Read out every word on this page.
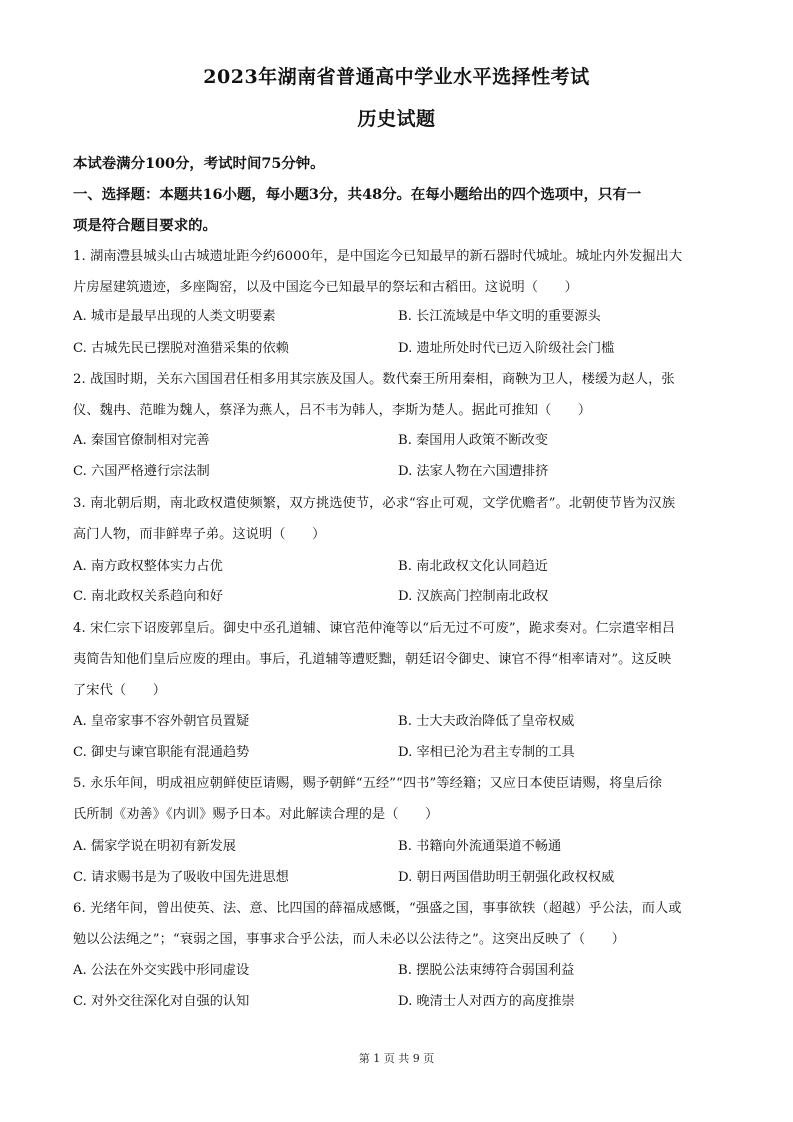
2023年湖南省普通高中学业水平选择性考试
历史试题
本试卷满分100分，考试时间75分钟。
一、选择题：本题共16小题，每小题3分，共48分。在每小题给出的四个选项中，只有一
项是符合题目要求的。
1. 湖南澧县城头山古城遗址距今约6000年，是中国迄今已知最早的新石器时代城址。城址内外发掘出大
片房屋建筑遗迹，多座陶窑，以及中国迄今已知最早的祭坛和古稻田。这说明（　　）
A. 城市是最早出现的人类文明要素	B. 长江流域是中华文明的重要源头
C. 古城先民已摆脱对渔猎采集的依赖	D. 遗址所处时代已迈入阶级社会门槛
2. 战国时期，关东六国国君任相多用其宗族及国人。数代秦王所用秦相，商鞅为卫人，楼缓为赵人，张
仪、魏冉、范睢为魏人，蔡泽为燕人，吕不韦为韩人，李斯为楚人。据此可推知（　　）
A. 秦国官僚制相对完善	B. 秦国用人政策不断改变
C. 六国严格遵行宗法制	D. 法家人物在六国遭排挤
3. 南北朝后期，南北政权遣使频繁，双方挑选使节，必求“容止可观，文学优赡者”。北朝使节皆为汉族
高门人物，而非鲜卑子弟。这说明（　　）
A. 南方政权整体实力占优	B. 南北政权文化认同趋近
C. 南北政权关系趋向和好	D. 汉族高门控制南北政权
4. 宋仁宗下诏废郭皇后。御史中丞孔道辅、谏官范仲淹等以“后无过不可废”，跪求奏对。仁宗遣宰相吕
夷简告知他们皇后应废的理由。事后，孔道辅等遭贬黜，朝廷诏令御史、谏官不得“相率请对”。这反映
了宋代（　　）
A. 皇帝家事不容外朝官员置疑	B. 士大夫政治降低了皇帝权威
C. 御史与谏官职能有混通趋势	D. 宰相已沦为君主专制的工具
5. 永乐年间，明成祖应朝鲜使臣请赐，赐予朝鲜“五经”“四书”等经籍；又应日本使臣请赐，将皇后徐
氏所制《劝善》《内训》赐予日本。对此解读合理的是（　　）
A. 儒家学说在明初有新发展	B. 书籍向外流通渠道不畅通
C. 请求赐书是为了吸收中国先进思想	D. 朝日两国借助明王朝强化政权权威
6. 光绪年间，曾出使英、法、意、比四国的薛福成感慨，“强盛之国，事事欲轶（超越）乎公法，而人或
勉以公法绳之”；“衰弱之国，事事求合乎公法，而人未必以公法待之”。这突出反映了（　　）
A. 公法在外交实践中形同虚设	B. 摆脱公法束缚符合弱国利益
C. 对外交往深化对自强的认知	D. 晚清士人对西方的高度推崇
第 1 页 共 9 页
